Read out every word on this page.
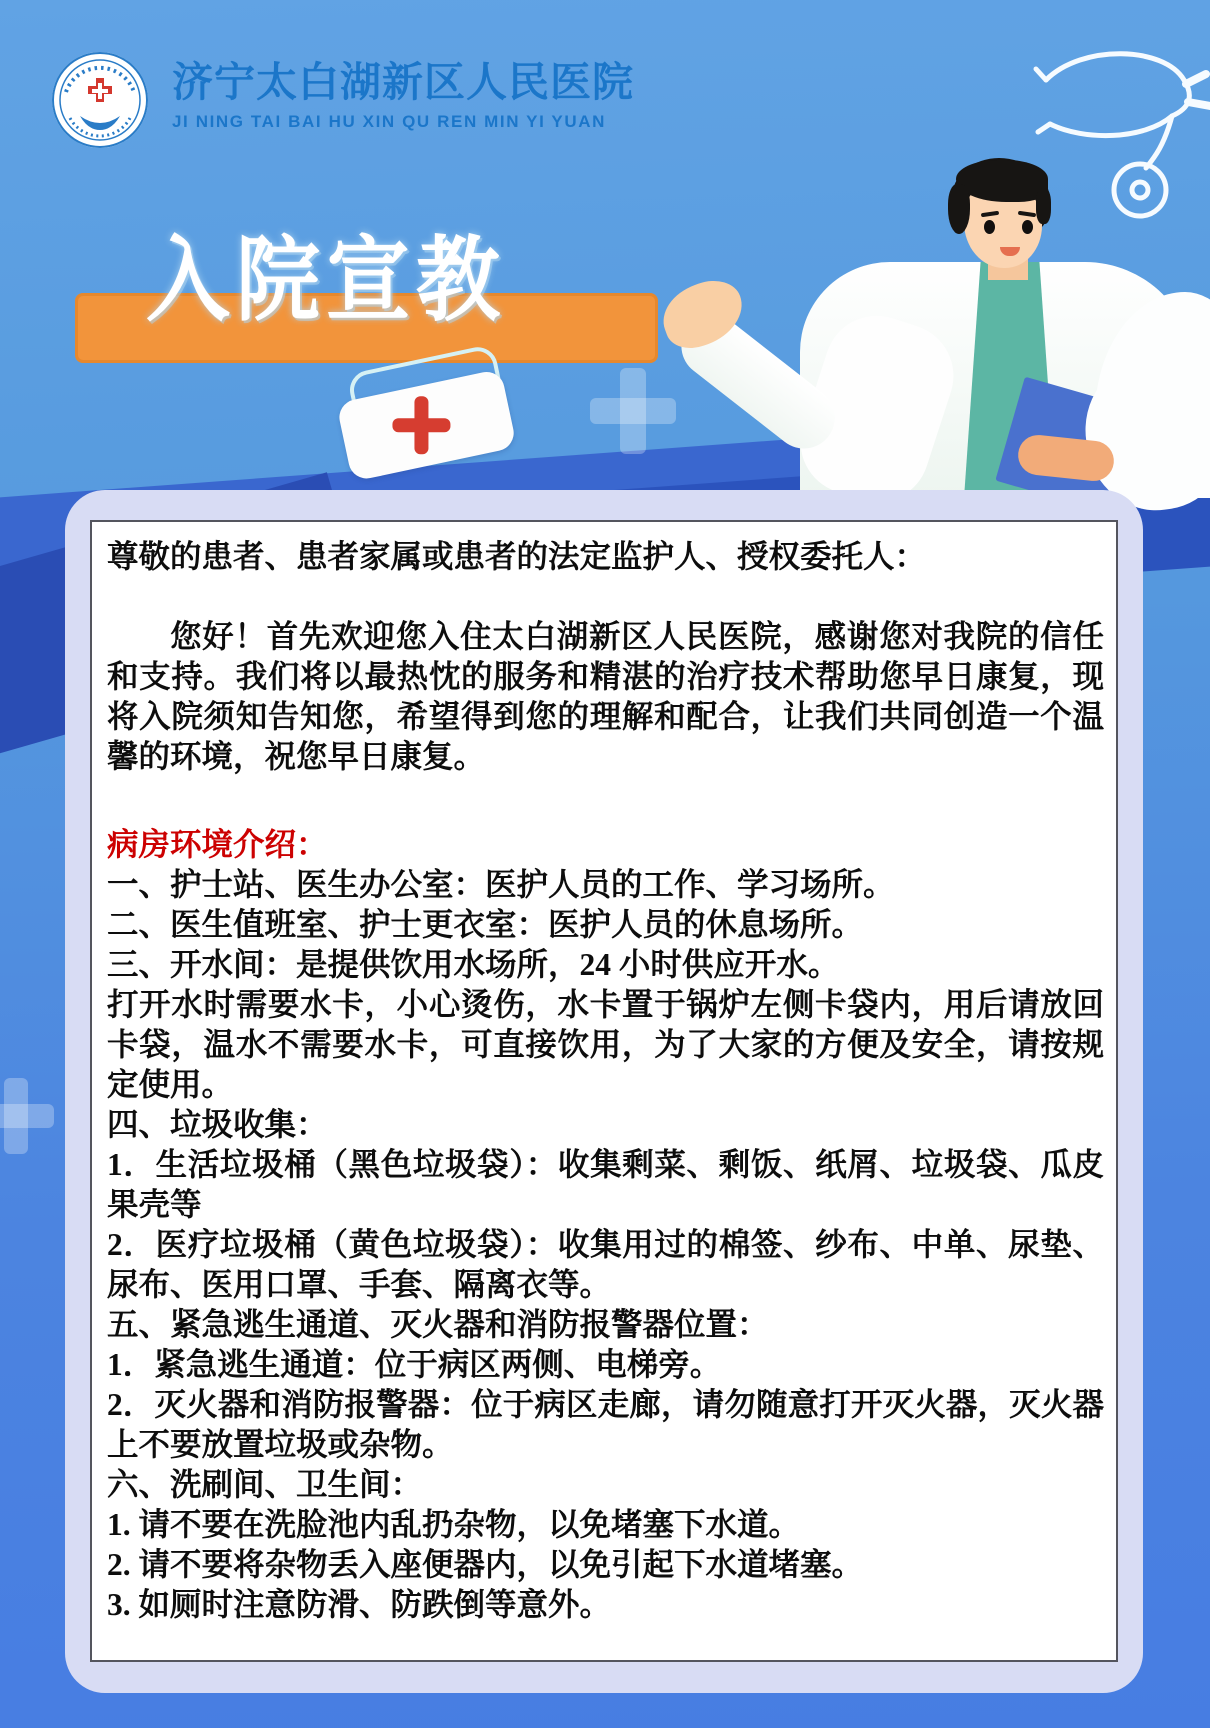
济宁太白湖新区人民医院
JI NING TAI BAI HU XIN QU REN MIN YI YUAN
入院宣教

尊敬的患者、患者家属或患者的法定监护人、授权委托人：

您好！首先欢迎您入住太白湖新区人民医院，感谢您对我院的信任和支持。我们将以最热忱的服务和精湛的治疗技术帮助您早日康复，现将入院须知告知您，希望得到您的理解和配合，让我们共同创造一个温馨的环境，祝您早日康复。

病房环境介绍：

一、护士站、医生办公室：医护人员的工作、学习场所。

二、医生值班室、护士更衣室：医护人员的休息场所。

三、开水间：是提供饮用水场所，24 小时供应开水。

打开水时需要水卡，小心烫伤，水卡置于锅炉左侧卡袋内，用后请放回卡袋，温水不需要水卡，可直接饮用，为了大家的方便及安全，请按规定使用。

四、垃圾收集：

1．生活垃圾桶（黑色垃圾袋）：收集剩菜、剩饭、纸屑、垃圾袋、瓜皮果壳等

2．医疗垃圾桶（黄色垃圾袋）：收集用过的棉签、纱布、中单、尿垫、尿布、医用口罩、手套、隔离衣等。

五、紧急逃生通道、灭火器和消防报警器位置：

1．紧急逃生通道：位于病区两侧、电梯旁。

2．灭火器和消防报警器：位于病区走廊，请勿随意打开灭火器，灭火器上不要放置垃圾或杂物。

六、洗刷间、卫生间：

1. 请不要在洗脸池内乱扔杂物，以免堵塞下水道。

2. 请不要将杂物丢入座便器内，以免引起下水道堵塞。

3. 如厕时注意防滑、防跌倒等意外。
